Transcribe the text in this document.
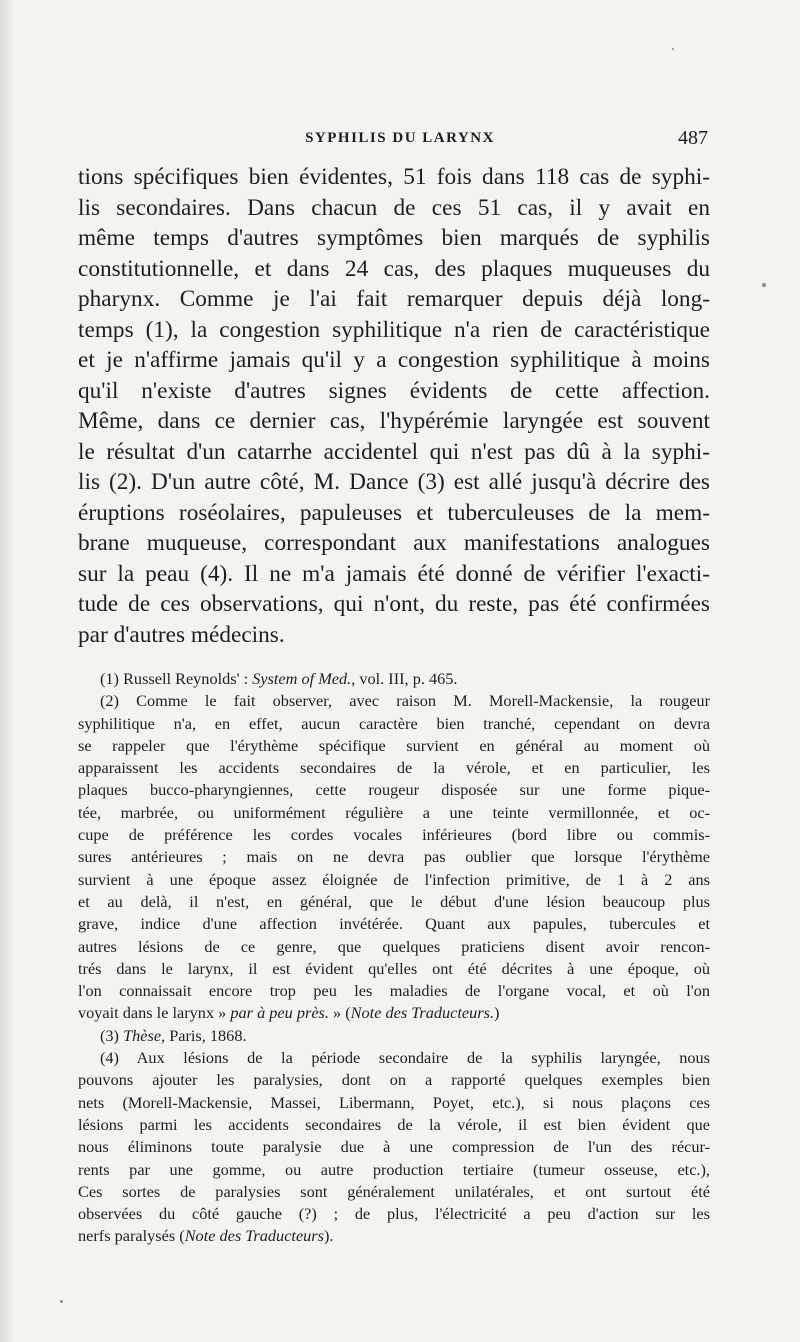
SYPHILIS DU LARYNX	487
tions spécifiques bien évidentes, 51 fois dans 118 cas de syphi-
lis secondaires. Dans chacun de ces 51 cas, il y avait en
même temps d'autres symptômes bien marqués de syphilis
constitutionnelle, et dans 24 cas, des plaques muqueuses du
pharynx. Comme je l'ai fait remarquer depuis déjà long-
temps (1), la congestion syphilitique n'a rien de caractéristique
et je n'affirme jamais qu'il y a congestion syphilitique à moins
qu'il n'existe d'autres signes évidents de cette affection.
Même, dans ce dernier cas, l'hypérémie laryngée est souvent
le résultat d'un catarrhe accidentel qui n'est pas dû à la syphi-
lis (2). D'un autre côté, M. Dance (3) est allé jusqu'à décrire des
éruptions roséolaires, papuleuses et tuberculeuses de la mem-
brane muqueuse, correspondant aux manifestations analogues
sur la peau (4). Il ne m'a jamais été donné de vérifier l'exacti-
tude de ces observations, qui n'ont, du reste, pas été confirmées
par d'autres médecins.
(1) Russell Reynolds' : System of Med., vol. III, p. 465.
(2) Comme le fait observer, avec raison M. Morell-Mackensie, la rougeur
syphilitique n'a, en effet, aucun caractère bien tranché, cependant on devra
se rappeler que l'érythème spécifique survient en général au moment où
apparaissent les accidents secondaires de la vérole, et en particulier, les
plaques bucco-pharyngiennes, cette rougeur disposée sur une forme pique-
tée, marbrée, ou uniformément régulière a une teinte vermillonnée, et oc-
cupe de préférence les cordes vocales inférieures (bord libre ou commis-
sures antérieures ; mais on ne devra pas oublier que lorsque l'érythème
survient à une époque assez éloignée de l'infection primitive, de 1 à 2 ans
et au delà, il n'est, en général, que le début d'une lésion beaucoup plus
grave, indice d'une affection invétérée. Quant aux papules, tubercules et
autres lésions de ce genre, que quelques praticiens disent avoir rencon-
trés dans le larynx, il est évident qu'elles ont été décrites à une époque, où
l'on connaissait encore trop peu les maladies de l'organe vocal, et où l'on
voyait dans le larynx » par à peu près. » (Note des Traducteurs.)
(3) Thèse, Paris, 1868.
(4) Aux lésions de la période secondaire de la syphilis laryngée, nous
pouvons ajouter les paralysies, dont on a rapporté quelques exemples bien
nets (Morell-Mackensie, Massei, Libermann, Poyet, etc.), si nous plaçons ces
lésions parmi les accidents secondaires de la vérole, il est bien évident que
nous éliminons toute paralysie due à une compression de l'un des récur-
rents par une gomme, ou autre production tertiaire (tumeur osseuse, etc.),
Ces sortes de paralysies sont généralement unilatérales, et ont surtout été
observées du côté gauche (?) ; de plus, l'électricité a peu d'action sur les
nerfs paralysés (Note des Traducteurs).
